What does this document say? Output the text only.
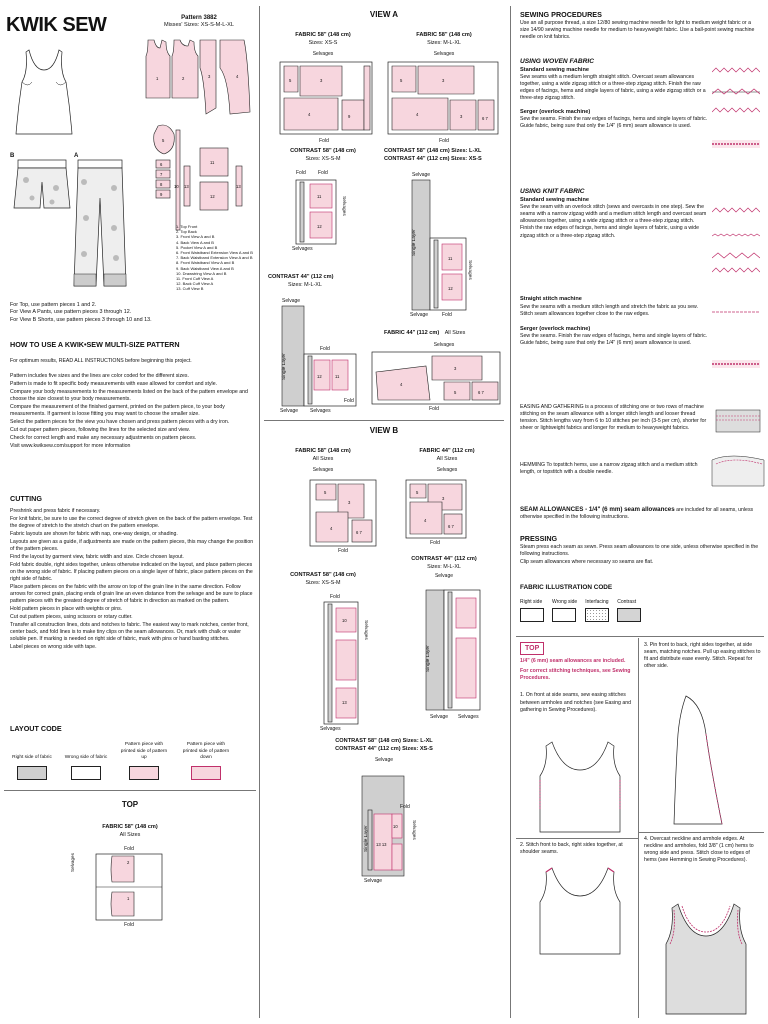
KWIK SEW	Pattern 3882
Misses' Sizes: XS-S-M-L-XL
1	2	3	4
5
6
7
8
9
10
11
12
13	13
B	A
1. Top Front
2. Top Back
3. Front View A and B
4. Back View A and B
5. Pocket View A and B
6. Front Waistband Extension View A and B
7. Back Waistband Extension View A and B
8. Front Waistband View A and B
9. Back Waistband View A and B
10. Drawstring View A and B
11. Front Cuff View A
12. Back Cuff View A
13. Cuff View B
For Top, use pattern pieces 1 and 2.
For View A Pants, use pattern pieces 3 through 12.
For View B Shorts, use pattern pieces 3 through 10 and 13.
HOW TO USE A KWIK•SEW MULTI-SIZE PATTERN

For optimum results, READ ALL INSTRUCTIONS before beginning this project.

Pattern includes five sizes and the lines are color coded for the different sizes.

Pattern is made to fit specific body measurements with ease allowed for comfort and style.

Compare your body measurements to the measurements listed on the back of the pattern envelope and choose the size closest to your body measurements.

Compare the measurement of the finished garment, printed on the pattern piece, to your body measurements. If garment is loose fitting you may want to choose the smaller size.

Select the pattern pieces for the view you have chosen and press pattern pieces with a dry iron.

Cut out paper pattern pieces, following the lines for the selected size and view.

Check for correct length and make any necessary adjustments on pattern pieces.

Visit www.kwiksew.com/support for more information

CUTTING

Preshrink and press fabric if necessary.

For knit fabric, be sure to use the correct degree of stretch given on the back of the pattern envelope. Test the degree of stretch to the stretch chart on the pattern envelope.

Fabric layouts are shown for fabric with nap, one-way design, or shading.

Layouts are given as a guide, if adjustments are made on the pattern pieces, this may change the position of the pattern pieces.

Find the layout by garment view, fabric width and size. Circle chosen layout.

Fold fabric double, right sides together, unless otherwise indicated on the layout, and place pattern pieces on the wrong side of fabric. If placing pattern pieces on a single layer of fabric, place pattern pieces on the right side of fabric.

Place pattern pieces on the fabric with the arrow on top of the grain line in the same direction. Follow arrows for correct grain, placing ends of grain line an even distance from the selvage and be sure to place pattern pieces with the greatest degree of stretch of fabric in direction as marked on the pattern.

Hold pattern pieces in place with weights or pins.

Cut out pattern pieces, using scissors or rotary cutter.

Transfer all construction lines, dots and notches to fabric. The easiest way to mark notches, center front, center back, and fold lines is to make tiny clips on the seam allowances. Or, mark with chalk or water soluble pen. If marking is needed on right side of fabric, mark with pins or hand basting stitches.

Label pieces on wrong side with tape.

LAYOUT CODE
Right side of fabric	Wrong side of fabric
Pattern piece with printed side of pattern up
Pattern piece with printed side of pattern down
TOP
FABRIC 58" (148 cm)
All Sizes
Fold
2
1
Selvages
Fold
VIEW A
FABRIC 58" (148 cm)
Sizes: XS-S
Selvages
5	3
4	9
Fold
FABRIC 58" (148 cm)
Sizes: M-L-XL
Selvages
5	3
4	3	6 7
Fold
CONTRAST 58" (148 cm)
Sizes: XS-S-M
Fold Fold
11
12
Selvages
Selvages
CONTRAST 58" (148 cm) Sizes: L-XL
CONTRAST 44" (112 cm) Sizes: XS-S
Selvage
11
12
Single Layer
Selvages
Fold
Selvage
CONTRAST 44" (112 cm)
Sizes: M-L-XL
Selvage
12	11
Single Layer
Fold
Selvage Selvages
Fold
FABRIC 44" (112 cm) All Sizes
Selvages
4
3
5	6 7
Fold
VIEW B
FABRIC 58" (148 cm)
All Sizes
Selvages
5
3
4
6 7
Fold
FABRIC 44" (112 cm)
All Sizes
Selvages
5
3
4
6 7
Fold
CONTRAST 58" (148 cm)
Sizes: XS-S-M
Fold
10
13
Selvages
Selvages
CONTRAST 44" (112 cm)
Sizes: M-L-XL
Selvage
Single Layer
Selvage Selvages
CONTRAST 58" (148 cm) Sizes: L-XL
CONTRAST 44" (112 cm) Sizes: XS-S
Selvage
13 13
10
Single Layer
Fold
Selvages
Selvage
SEWING PROCEDURES

Use an all purpose thread, a size 12/80 sewing machine needle for light to medium weight fabric or a size 14/90 sewing machine needle for medium to heavyweight fabric. Use a ball-point sewing machine needle on knit fabrics.

USING WOVEN FABRIC
Standard sewing machine

Sew seams with a medium length straight stitch. Overcast seam allowances together, using a wide zigzag stitch or a three-step zigzag stitch. Finish the raw edges of facings, hems and single layers of fabric, using a wide zigzag stitch or a three-step zigzag stitch.

Serger (overlock machine)

Sew the seams. Finish the raw edges of facings, hems and single layers of fabric. Guide fabric, being sure that only the 1/4" (6 mm) seam allowance is used.

USING KNIT FABRIC
Standard sewing machine

Sew the seam with an overlock stitch (sews and overcasts in one step). Sew the seams with a narrow zigzag width and a medium stitch length and overcast seam allowances together, using a wide zigzag stitch or a three-step zigzag stitch. Finish the raw edges of facings, hems and single layers of fabric, using a wide zigzag stitch or a three-step zigzag stitch.

Straight stitch machine

Sew the seams with a medium stitch length and stretch the fabric as you sew. Stitch seam allowances together close to the raw edges.

Serger (overlock machine)

Sew the seams. Finish the raw edges of facings, hems and single layers of fabric. Guide fabric, being sure that only the 1/4" (6 mm) seam allowance is used.

EASING AND GATHERING is a process of stitching one or two rows of machine stitching on the seam allowance with a longer stitch length and looser thread tension. Stitch lengths vary from 6 to 10 stitches per inch (3-5 per cm), shorter for sheer or lightweight fabrics and longer for medium to heavyweight fabrics.

HEMMING To topstitch hems, use a narrow zigzag stitch and a medium stitch length, or topstitch with a double needle.

SEAM ALLOWANCES - 1/4" (6 mm) seam allowances are included for all seams, unless otherwise specified in the following instructions.
PRESSING

Steam press each seam as sewn. Press seam allowances to one side, unless otherwise specified in the following instructions.

Clip seam allowances where necessary so seams are flat.

FABRIC ILLUSTRATION CODE
Right side	Wrong side Interfacing Contrast
TOP

1/4" (6 mm) seam allowances are included.

For correct stitching techniques, see Sewing Procedures.

1. On front at side seams, sew easing stitches between armholes and notches (see Easing and gathering in Sewing Procedures).

2. Stitch front to back, right sides together, at shoulder seams.

3. Pin front to back, right sides together, at side seam, matching notches. Pull up easing stitches to fit and distribute ease evenly. Stitch. Repeat for other side.

4. Overcast neckline and armhole edges. At neckline and armholes, fold 3/8" (1 cm) hems to wrong side and press. Stitch close to edges of hems (see Hemming in Sewing Procedures).
